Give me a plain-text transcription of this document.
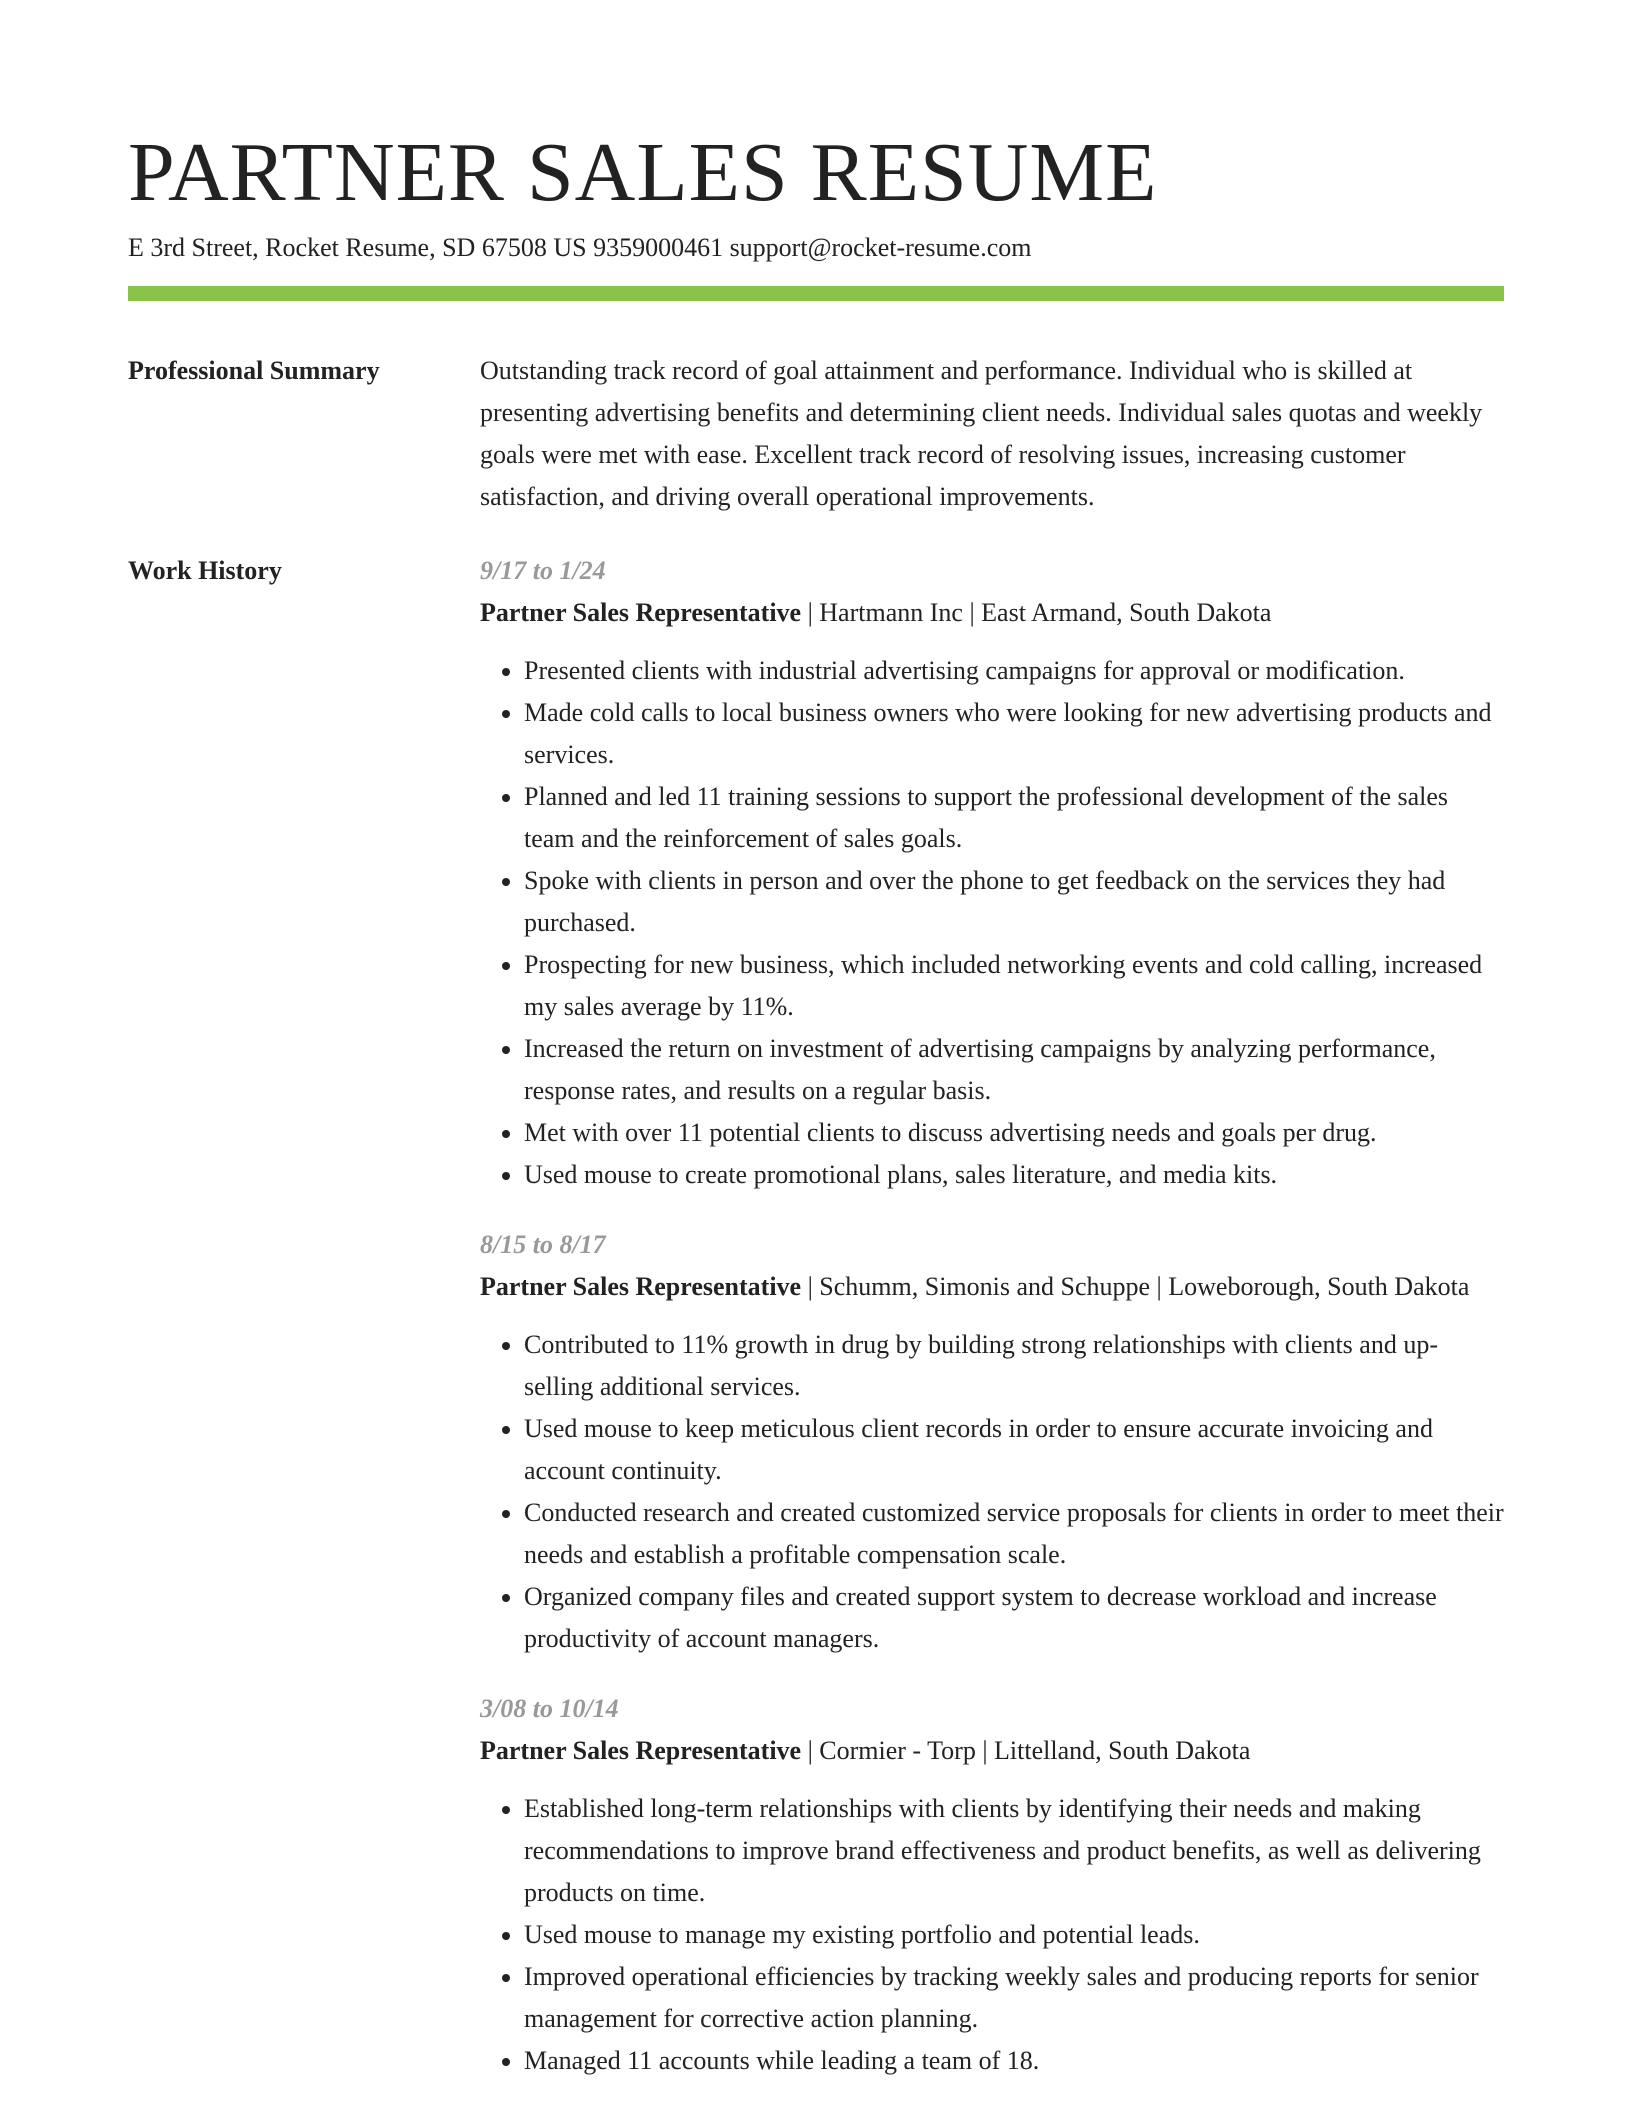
PARTNER SALES RESUME
E 3rd Street, Rocket Resume, SD 67508 US 9359000461 support@rocket-resume.com
Professional Summary	Outstanding track record of goal attainment and performance. Individual who is skilled at presenting advertising benefits and determining client needs. Individual sales quotas and weekly goals were met with ease. Excellent track record of resolving issues, increasing customer satisfaction, and driving overall operational improvements.

Work History	9/17 to 1/24
Partner Sales Representative | Hartmann Inc | East Armand, South Dakota
• Presented clients with industrial advertising campaigns for approval or modification.
• Made cold calls to local business owners who were looking for new advertising products and services.
• Planned and led 11 training sessions to support the professional development of the sales team and the reinforcement of sales goals.
• Spoke with clients in person and over the phone to get feedback on the services they had purchased.
• Prospecting for new business, which included networking events and cold calling, increased my sales average by 11%.
• Increased the return on investment of advertising campaigns by analyzing performance, response rates, and results on a regular basis.
• Met with over 11 potential clients to discuss advertising needs and goals per drug.
• Used mouse to create promotional plans, sales literature, and media kits.
8/15 to 8/17
Partner Sales Representative | Schumm, Simonis and Schuppe | Loweborough, South Dakota
• Contributed to 11% growth in drug by building strong relationships with clients and up-selling additional services.
• Used mouse to keep meticulous client records in order to ensure accurate invoicing and account continuity.
• Conducted research and created customized service proposals for clients in order to meet their needs and establish a profitable compensation scale.
• Organized company files and created support system to decrease workload and increase productivity of account managers.
3/08 to 10/14
Partner Sales Representative | Cormier - Torp | Littelland, South Dakota
• Established long-term relationships with clients by identifying their needs and making recommendations to improve brand effectiveness and product benefits, as well as delivering products on time.
• Used mouse to manage my existing portfolio and potential leads.
• Improved operational efficiencies by tracking weekly sales and producing reports for senior management for corrective action planning.
• Managed 11 accounts while leading a team of 18.
